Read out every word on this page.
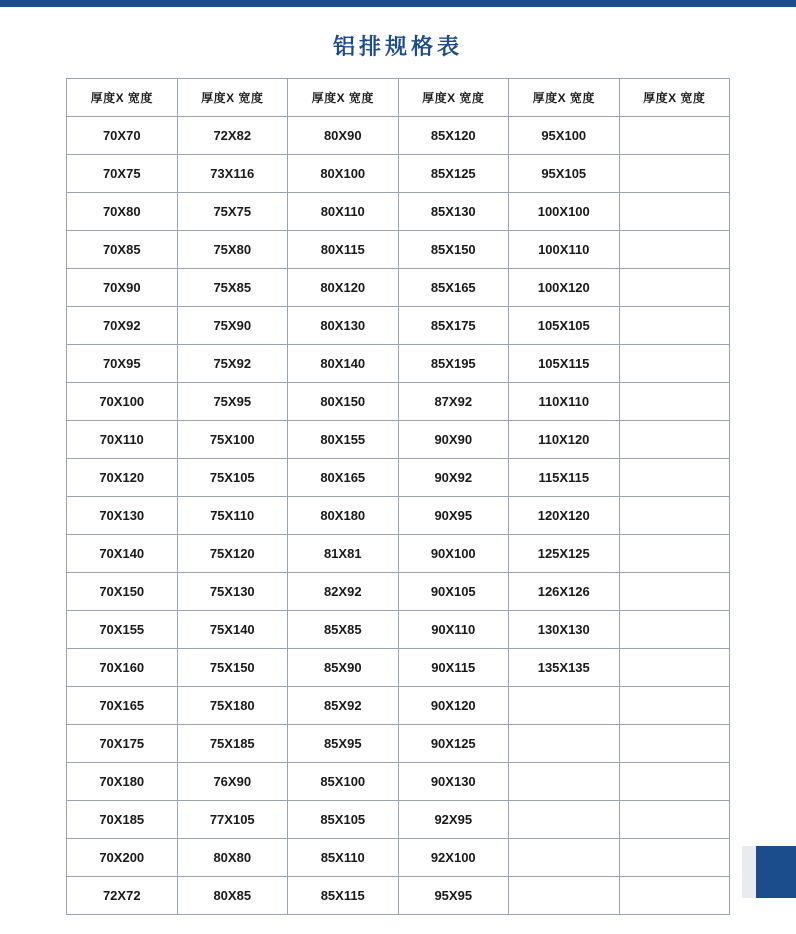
铝排规格表
厚度X 宽度	厚度X 宽度	厚度X 宽度	厚度X 宽度	厚度X 宽度	厚度X 宽度
70X70	72X82	80X90	85X120	95X100	
70X75	73X116	80X100	85X125	95X105	
70X80	75X75	80X110	85X130	100X100	
70X85	75X80	80X115	85X150	100X110	
70X90	75X85	80X120	85X165	100X120	
70X92	75X90	80X130	85X175	105X105	
70X95	75X92	80X140	85X195	105X115	
70X100	75X95	80X150	87X92	110X110	
70X110	75X100	80X155	90X90	110X120	
70X120	75X105	80X165	90X92	115X115	
70X130	75X110	80X180	90X95	120X120	
70X140	75X120	81X81	90X100	125X125	
70X150	75X130	82X92	90X105	126X126	
70X155	75X140	85X85	90X110	130X130	
70X160	75X150	85X90	90X115	135X135	
70X165	75X180	85X92	90X120		
70X175	75X185	85X95	90X125		
70X180	76X90	85X100	90X130		
70X185	77X105	85X105	92X95		
70X200	80X80	85X110	92X100		
72X72	80X85	85X115	95X95		
